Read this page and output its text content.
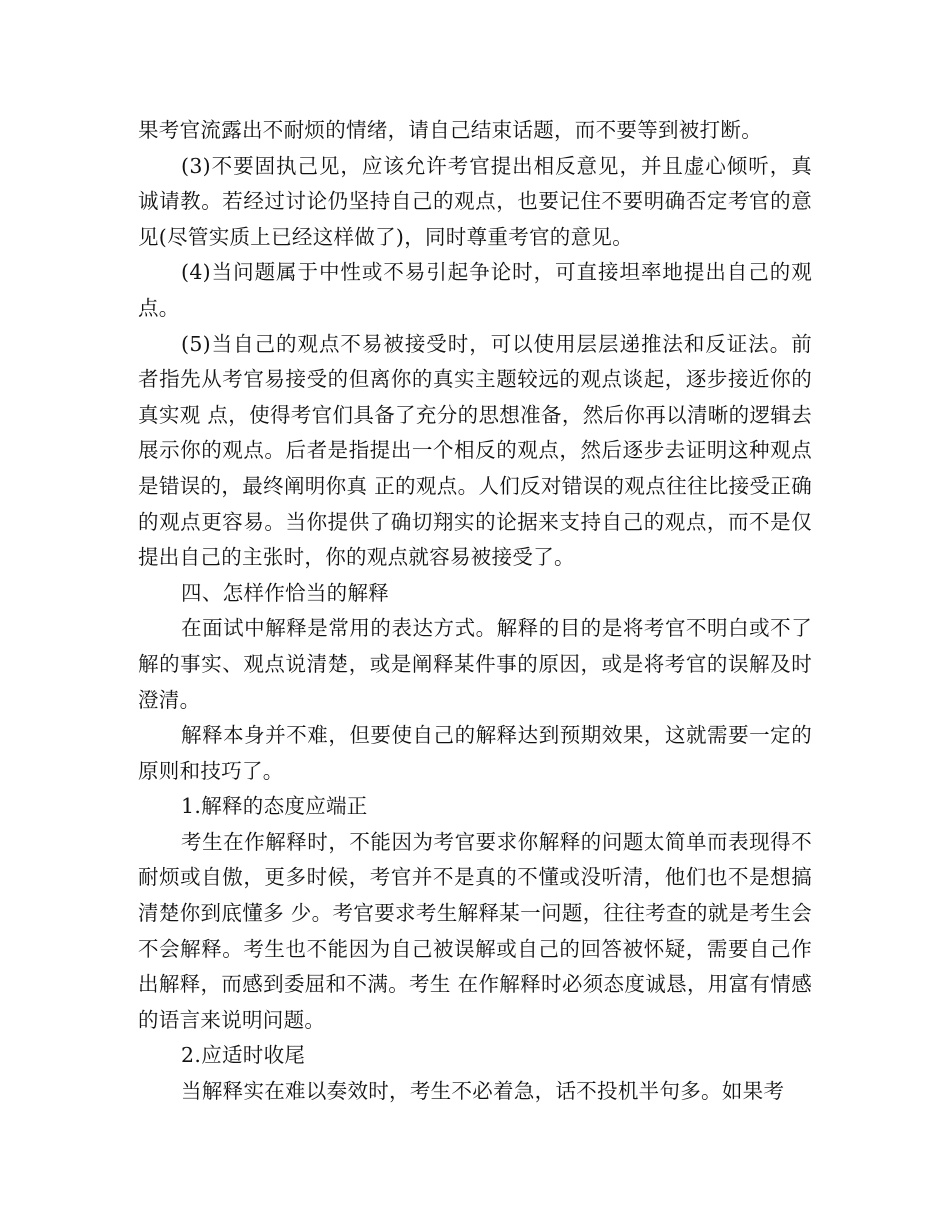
果考官流露出不耐烦的情绪，请自己结束话题，而不要等到被打断。

(3)不要固执己见，应该允许考官提出相反意见，并且虚心倾听，真诚请教。若经过讨论仍坚持自己的观点，也要记住不要明确否定考官的意见(尽管实质上已经这样做了)，同时尊重考官的意见。

(4)当问题属于中性或不易引起争论时，可直接坦率地提出自己的观点。

(5)当自己的观点不易被接受时，可以使用层层递推法和反证法。前者指先从考官易接受的但离你的真实主题较远的观点谈起，逐步接近你的真实观 点，使得考官们具备了充分的思想准备，然后你再以清晰的逻辑去展示你的观点。后者是指提出一个相反的观点，然后逐步去证明这种观点是错误的，最终阐明你真 正的观点。人们反对错误的观点往往比接受正确的观点更容易。当你提供了确切翔实的论据来支持自己的观点，而不是仅提出自己的主张时，你的观点就容易被接受了。

四、怎样作恰当的解释

在面试中解释是常用的表达方式。解释的目的是将考官不明白或不了解的事实、观点说清楚，或是阐释某件事的原因，或是将考官的误解及时澄清。

解释本身并不难，但要使自己的解释达到预期效果，这就需要一定的原则和技巧了。

1.解释的态度应端正

考生在作解释时，不能因为考官要求你解释的问题太简单而表现得不耐烦或自傲，更多时候，考官并不是真的不懂或没听清，他们也不是想搞清楚你到底懂多 少。考官要求考生解释某一问题，往往考查的就是考生会不会解释。考生也不能因为自己被误解或自己的回答被怀疑，需要自己作出解释，而感到委屈和不满。考生 在作解释时必须态度诚恳，用富有情感的语言来说明问题。

2.应适时收尾

当解释实在难以奏效时，考生不必着急，话不投机半句多。如果考
